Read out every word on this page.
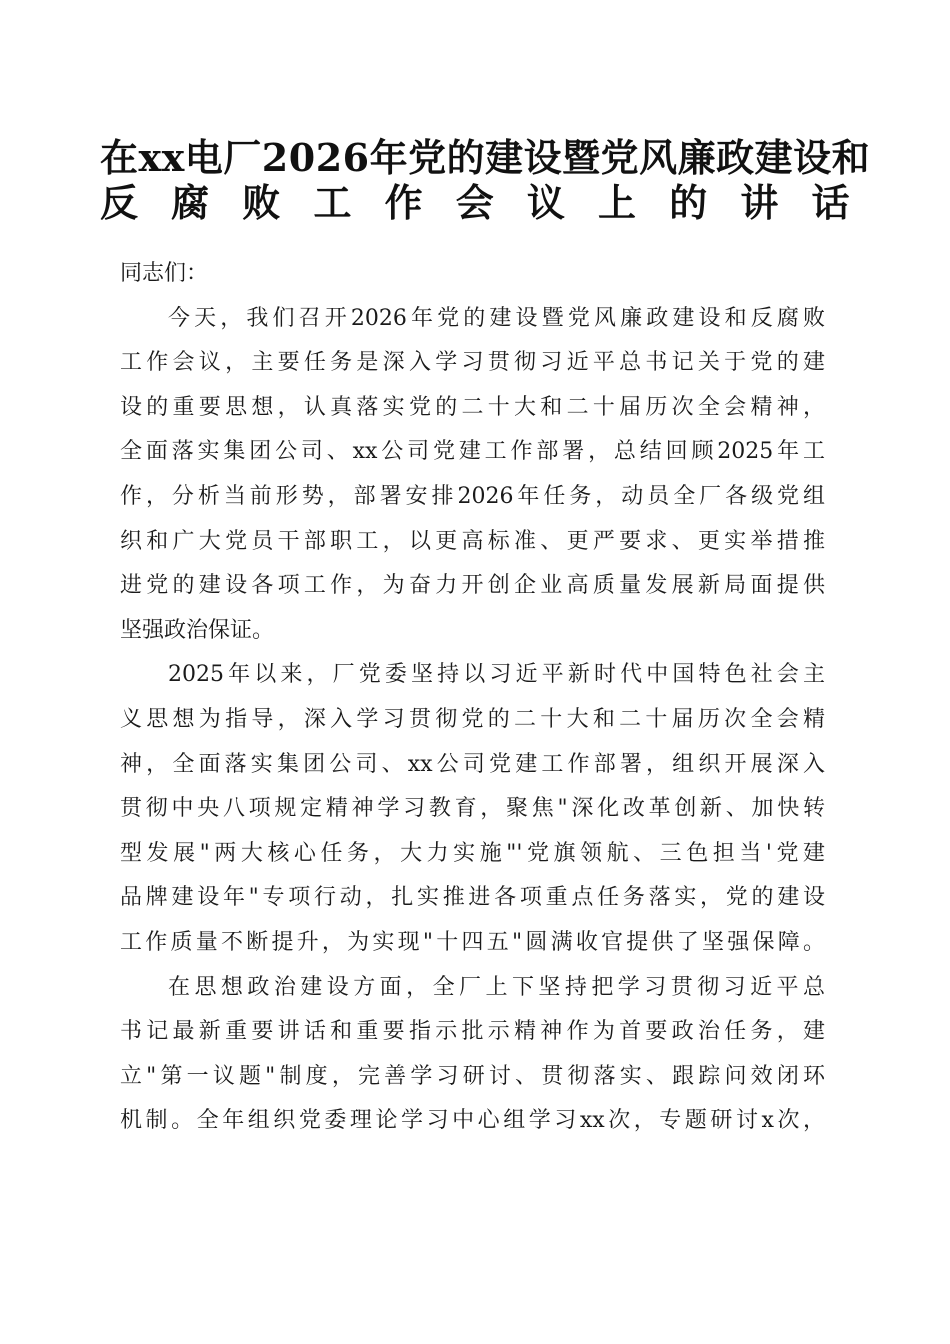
在xx电厂2026年党的建设暨党风廉政建设和
反腐败工作会议上的讲话
同志们：
今天，我们召开2026年党的建设暨党风廉政建设和反腐败
工作会议，主要任务是深入学习贯彻习近平总书记关于党的建
设的重要思想，认真落实党的二十大和二十届历次全会精神，
全面落实集团公司、xx公司党建工作部署，总结回顾2025年工
作，分析当前形势，部署安排2026年任务，动员全厂各级党组
织和广大党员干部职工，以更高标准、更严要求、更实举措推
进党的建设各项工作，为奋力开创企业高质量发展新局面提供
坚强政治保证。
2025年以来，厂党委坚持以习近平新时代中国特色社会主
义思想为指导，深入学习贯彻党的二十大和二十届历次全会精
神，全面落实集团公司、xx公司党建工作部署，组织开展深入
贯彻中央八项规定精神学习教育，聚焦"深化改革创新、加快转
型发展"两大核心任务，大力实施"'党旗领航、三色担当'党建
品牌建设年"专项行动，扎实推进各项重点任务落实，党的建设
工作质量不断提升，为实现"十四五"圆满收官提供了坚强保障。
在思想政治建设方面，全厂上下坚持把学习贯彻习近平总
书记最新重要讲话和重要指示批示精神作为首要政治任务，建
立"第一议题"制度，完善学习研讨、贯彻落实、跟踪问效闭环
机制。全年组织党委理论学习中心组学习xx次，专题研讨x次，
